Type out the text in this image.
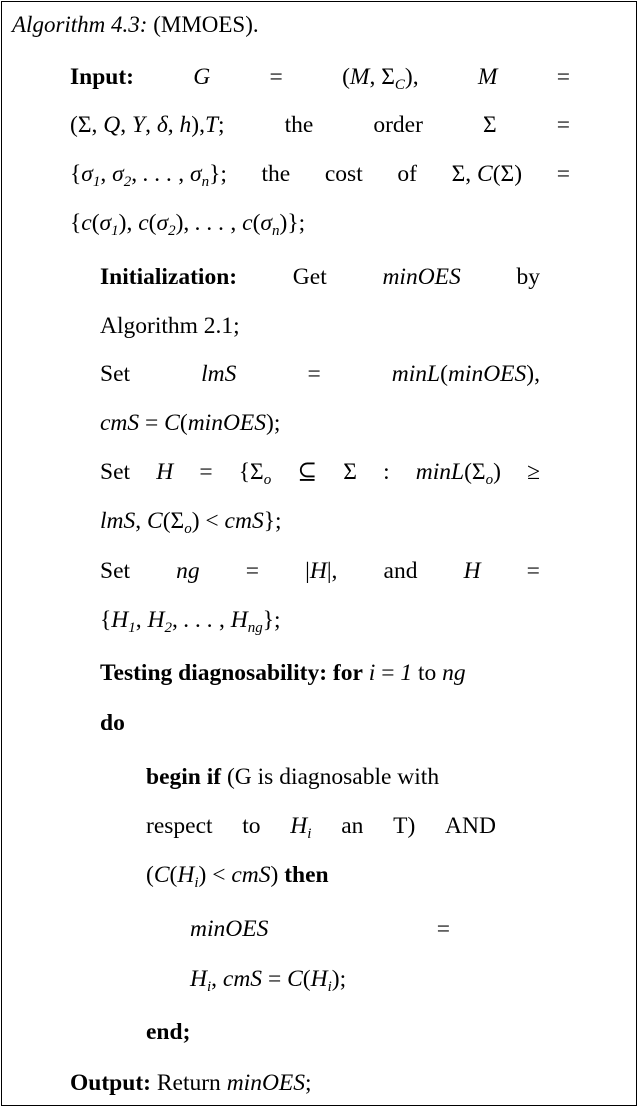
Algorithm 4.3: (MMOES).
Input:	G	=	(M, $\Sigma_C$),	M	=
(Σ, Q, Y, δ, h),T;	the	order	Σ	=
{$\sigma_1$, $\sigma_2$, . . . , $\sigma_n$}; the cost of Σ, C(Σ) =
{$c(\sigma_1)$, $c(\sigma_2)$, . . . , $c(\sigma_n)$};
Initialization: Get minOES by
Algorithm 2.1;
Set	lmS	=	minL(minOES),
cmS = C(minOES);
Set $H = \{\Sigma_o$ ⊆ Σ : $\min L(\Sigma_o)$ ≥
lmS, $C(\Sigma_o) < cmS$};
Set ng = |H|, and H =
{$H_1$, $H_2$, . . . , $H_{ng}$};
Testing diagnosability: for i = 1 to ng
do
begin if (G is diagnosable with
respect to $H_i$ an T) AND
$(C(H_i) < cmS)$ then
minOES	=
$H_i$, cmS = $C(H_i)$;
end;
Output: Return minOES;
